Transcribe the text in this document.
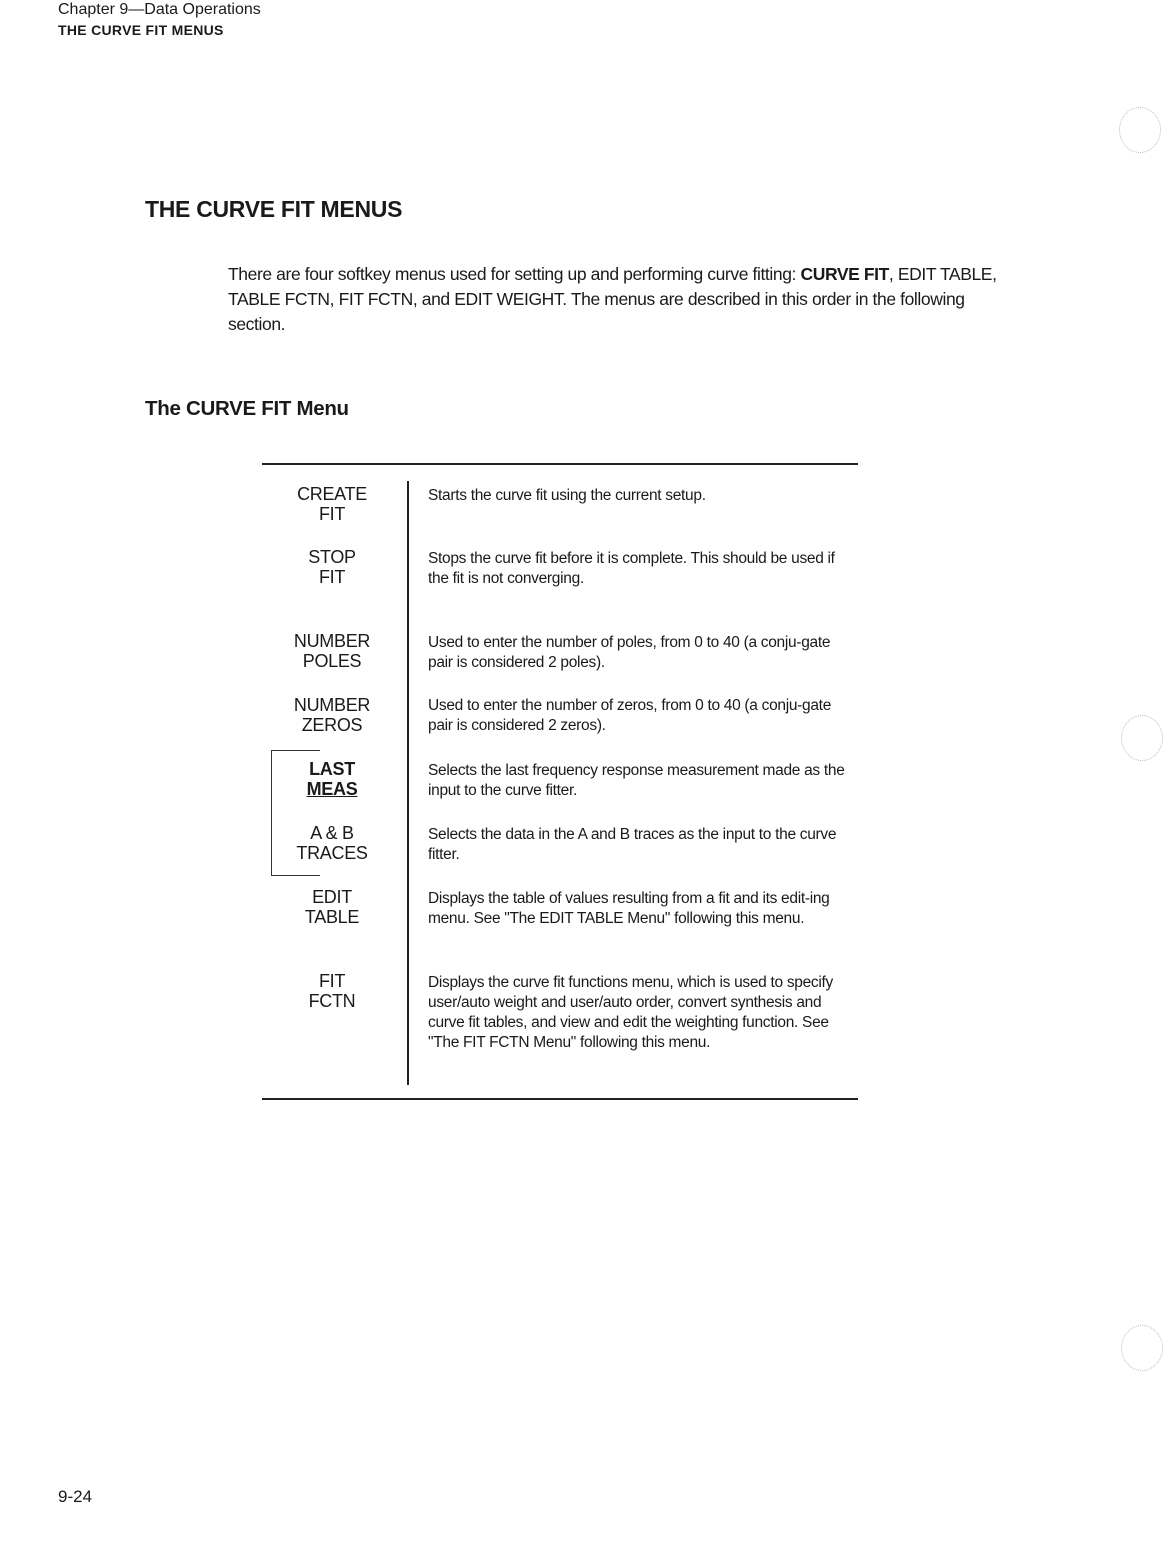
Chapter 9—Data Operations
THE CURVE FIT MENUS
THE CURVE FIT MENUS
There are four softkey menus used for setting up and performing curve fitting: CURVE FIT, EDIT TABLE, TABLE FCTN, FIT FCTN, and EDIT WEIGHT. The menus are described in this order in the following section.
The CURVE FIT Menu
CREATE
FIT
Starts the curve fit using the current setup.
STOP
FIT
Stops the curve fit before it is complete. This should be used if the fit is not converging.
NUMBER
POLES
Used to enter the number of poles, from 0 to 40 (a conju-gate pair is considered 2 poles).
NUMBER
ZEROS
Used to enter the number of zeros, from 0 to 40 (a conju-gate pair is considered 2 zeros).
LAST
MEAS
Selects the last frequency response measurement made as the input to the curve fitter.
A & B
TRACES
Selects the data in the A and B traces as the input to the curve fitter.
EDIT
TABLE
Displays the table of values resulting from a fit and its edit-ing menu. See "The EDIT TABLE Menu" following this menu.
FIT
FCTN
Displays the curve fit functions menu, which is used to specify user/auto weight and user/auto order, convert synthesis and curve fit tables, and view and edit the weighting function. See "The FIT FCTN Menu" following this menu.
9-24
